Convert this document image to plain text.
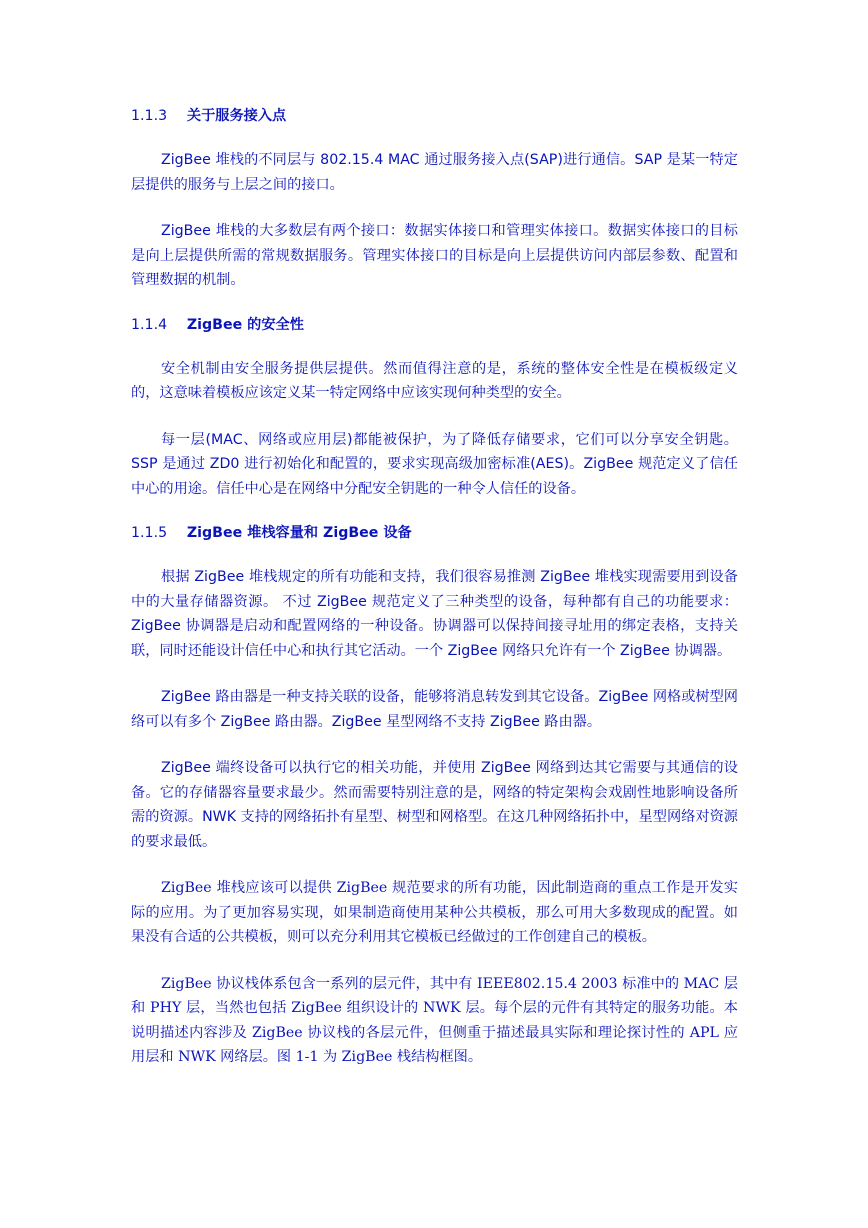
1.1.3 关于服务接入点

ZigBee 堆栈的不同层与 802.15.4 MAC 通过服务接入点(SAP)进行通信。SAP 是某一特定层提供的服务与上层之间的接口。

ZigBee 堆栈的大多数层有两个接口：数据实体接口和管理实体接口。数据实体接口的目标是向上层提供所需的常规数据服务。管理实体接口的目标是向上层提供访问内部层参数、配置和管理数据的机制。

1.1.4 ZigBee 的安全性

安全机制由安全服务提供层提供。然而值得注意的是，系统的整体安全性是在模板级定义的，这意味着模板应该定义某一特定网络中应该实现何种类型的安全。

每一层(MAC、网络或应用层)都能被保护，为了降低存储要求，它们可以分享安全钥匙。SSP 是通过 ZD0 进行初始化和配置的，要求实现高级加密标准(AES)。ZigBee 规范定义了信任中心的用途。信任中心是在网络中分配安全钥匙的一种令人信任的设备。

1.1.5 ZigBee 堆栈容量和 ZigBee 设备

根据 ZigBee 堆栈规定的所有功能和支持，我们很容易推测 ZigBee 堆栈实现需要用到设备中的大量存储器资源。 不过 ZigBee 规范定义了三种类型的设备，每种都有自己的功能要求：ZigBee 协调器是启动和配置网络的一种设备。协调器可以保持间接寻址用的绑定表格，支持关联，同时还能设计信任中心和执行其它活动。一个 ZigBee 网络只允许有一个 ZigBee 协调器。

ZigBee 路由器是一种支持关联的设备，能够将消息转发到其它设备。ZigBee 网格或树型网络可以有多个 ZigBee 路由器。ZigBee 星型网络不支持 ZigBee 路由器。

ZigBee 端终设备可以执行它的相关功能，并使用 ZigBee 网络到达其它需要与其通信的设备。它的存储器容量要求最少。然而需要特别注意的是，网络的特定架构会戏剧性地影响设备所需的资源。NWK 支持的网络拓扑有星型、树型和网格型。在这几种网络拓扑中，星型网络对资源的要求最低。

ZigBee 堆栈应该可以提供 ZigBee 规范要求的所有功能，因此制造商的重点工作是开发实际的应用。为了更加容易实现，如果制造商使用某种公共模板，那么可用大多数现成的配置。如果没有合适的公共模板，则可以充分利用其它模板已经做过的工作创建自己的模板。

ZigBee 协议栈体系包含一系列的层元件，其中有 IEEE802.15.4 2003 标准中的 MAC 层和 PHY 层，当然也包括 ZigBee 组织设计的 NWK 层。每个层的元件有其特定的服务功能。本说明描述内容涉及 ZigBee 协议栈的各层元件，但侧重于描述最具实际和理论探讨性的 APL 应用层和 NWK 网络层。图 1-1 为 ZigBee 栈结构框图。
